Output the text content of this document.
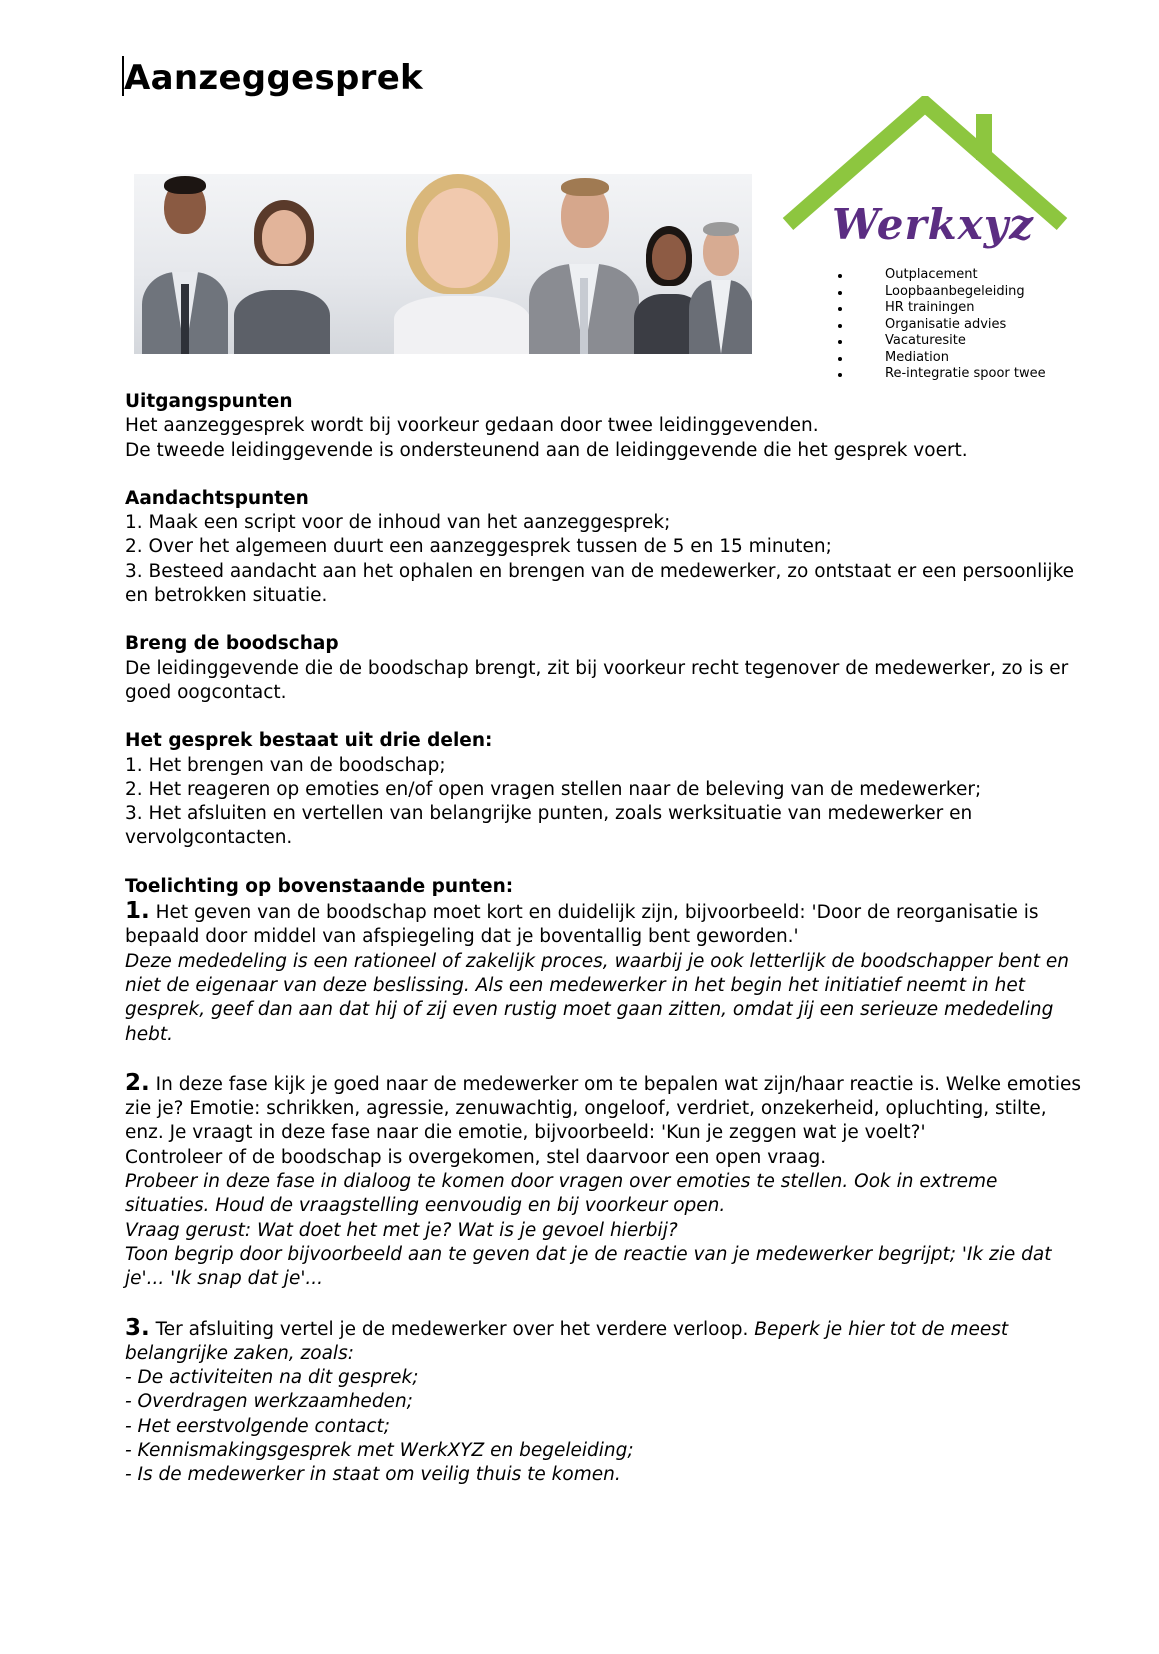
Aanzeggesprek
Werkxyz
Outplacement
Loopbaanbegeleiding
HR trainingen
Organisatie advies
Vacaturesite
Mediation
Re-integratie spoor twee
Uitgangspunten

Het aanzeggesprek wordt bij voorkeur gedaan door twee leidinggevenden.

De tweede leidinggevende is ondersteunend aan de leidinggevende die het gesprek voert.

Aandachtspunten

1. Maak een script voor de inhoud van het aanzeggesprek;

2. Over het algemeen duurt een aanzeggesprek tussen de 5 en 15 minuten;

3. Besteed aandacht aan het ophalen en brengen van de medewerker, zo ontstaat er een persoonlijke en betrokken situatie.

Breng de boodschap

De leidinggevende die de boodschap brengt, zit bij voorkeur recht tegenover de medewerker, zo is er goed oogcontact.

Het gesprek bestaat uit drie delen:

1. Het brengen van de boodschap;

2. Het reageren op emoties en/of open vragen stellen naar de beleving van de medewerker;

3. Het afsluiten en vertellen van belangrijke punten, zoals werksituatie van medewerker en vervolgcontacten.

Toelichting op bovenstaande punten:

1. Het geven van de boodschap moet kort en duidelijk zijn, bijvoorbeeld: 'Door de reorganisatie is bepaald door middel van afspiegeling dat je boventallig bent geworden.'

Deze mededeling is een rationeel of zakelijk proces, waarbij je ook letterlijk de boodschapper bent en niet de eigenaar van deze beslissing. Als een medewerker in het begin het initiatief neemt in het gesprek, geef dan aan dat hij of zij even rustig moet gaan zitten, omdat jij een serieuze mededeling hebt.

2. In deze fase kijk je goed naar de medewerker om te bepalen wat zijn/haar reactie is. Welke emoties zie je? Emotie: schrikken, agressie, zenuwachtig, ongeloof, verdriet, onzekerheid, opluchting, stilte, enz. Je vraagt in deze fase naar die emotie, bijvoorbeeld: 'Kun je zeggen wat je voelt?'

Controleer of de boodschap is overgekomen, stel daarvoor een open vraag.

Probeer in deze fase in dialoog te komen door vragen over emoties te stellen. Ook in extreme situaties. Houd de vraagstelling eenvoudig en bij voorkeur open.

Vraag gerust: Wat doet het met je? Wat is je gevoel hierbij?

Toon begrip door bijvoorbeeld aan te geven dat je de reactie van je medewerker begrijpt; 'Ik zie dat je'... 'Ik snap dat je'...

3. Ter afsluiting vertel je de medewerker over het verdere verloop. Beperk je hier tot de meest belangrijke zaken, zoals:

- De activiteiten na dit gesprek;

- Overdragen werkzaamheden;

- Het eerstvolgende contact;

- Kennismakingsgesprek met WerkXYZ en begeleiding;

- Is de medewerker in staat om veilig thuis te komen.
